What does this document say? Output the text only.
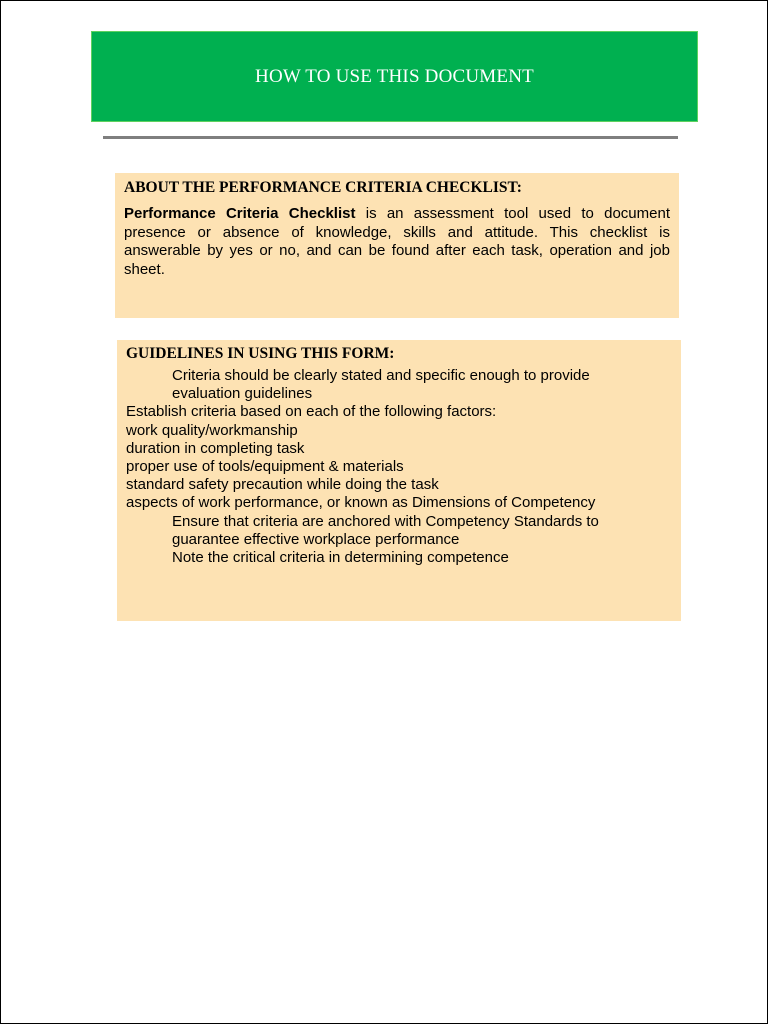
HOW TO USE THIS DOCUMENT
ABOUT THE PERFORMANCE CRITERIA CHECKLIST:

Performance Criteria Checklist is an assessment tool used to document presence or absence of knowledge, skills and attitude. This checklist is answerable by yes or no, and can be found after each task, operation and job sheet.

GUIDELINES IN USING THIS FORM:
Criteria should be clearly stated and specific enough to provide
evaluation guidelines
Establish criteria based on each of the following factors:
work quality/workmanship
duration in completing task
proper use of tools/equipment & materials
standard safety precaution while doing the task
aspects of work performance, or known as Dimensions of Competency
Ensure that criteria are anchored with Competency Standards to
guarantee effective workplace performance
Note the critical criteria in determining competence
